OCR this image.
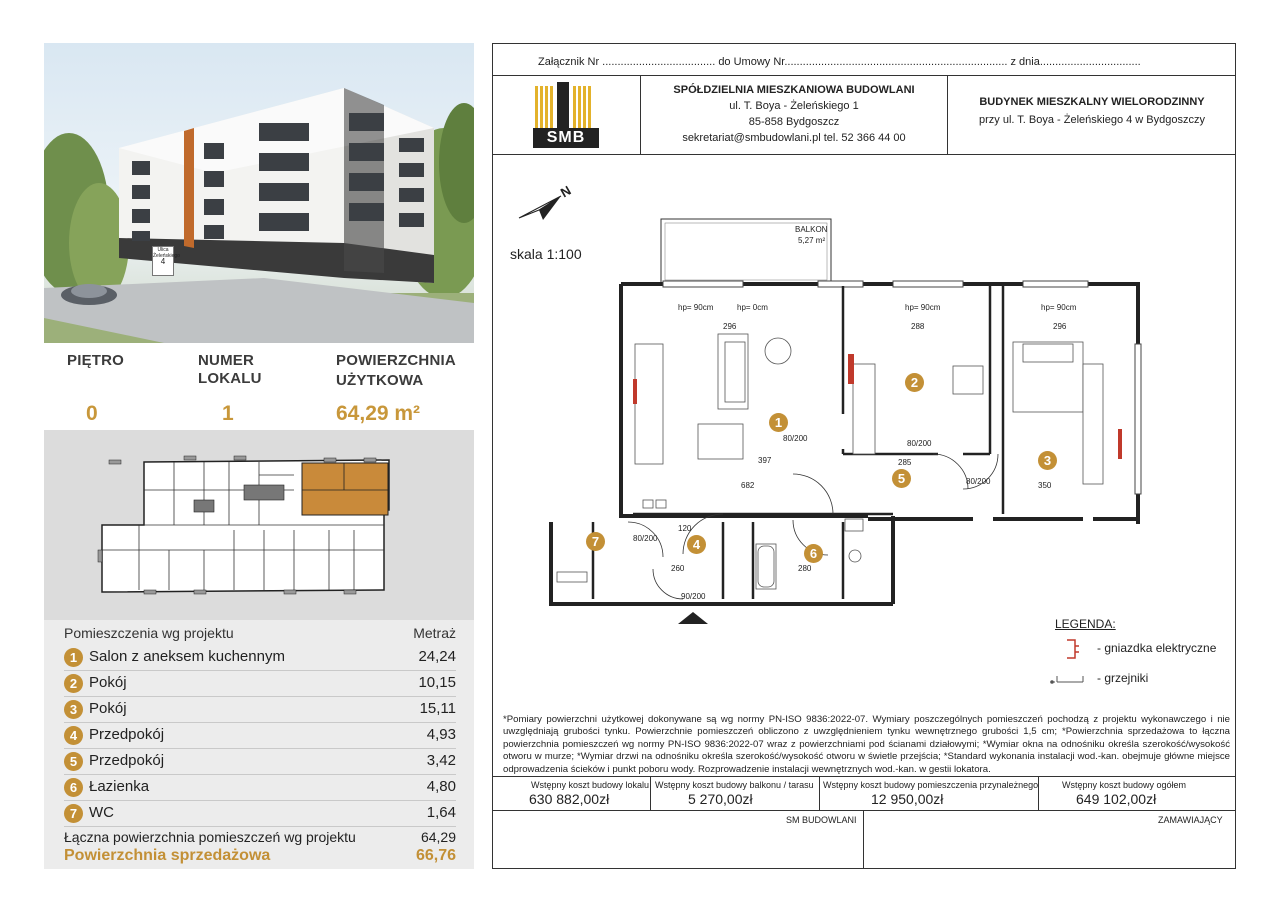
Ulica
Żeleńskiego
4
PIĘTRO	NUMER
LOKALU
POWIERZCHNIA
UŻYTKOWA
0	1	64,29 m²
Pomieszczenia wg projektu	Metraż
1 Salon z aneksem kuchennym	24,24
2 Pokój	10,15
3 Pokój	15,11
4 Przedpokój	4,93
5 Przedpokój	3,42
6 Łazienka	4,80
7 WC	1,64
Łączna powierzchnia pomieszczeń wg projektu	64,29
Powierzchnia sprzedażowa	66,76
Załącznik Nr ..................................... do Umowy Nr......................................................................... z dnia.................................
SMB
SPÓŁDZIELNIA MIESZKANIOWA BUDOWLANI
ul. T. Boya - Żeleńskiego 1
85-858 Bydgoszcz
sekretariat@smbudowlani.pl tel. 52 366 44 00
BUDYNEK MIESZKALNY WIELORODZINNY
przy ul. T. Boya - Żeleńskiego 4 w Bydgoszczy
N
skala 1:100
BALKON
5,27 m²
hp= 90cm	hp= 0cm	hp= 90cm	hp= 90cm
80/200
80/200
80/200
80/200
90/200
296
397
682
288	296
350
285
260	280
120
1
2
3
4
5
6
7
LEGENDA:
- gniazdka elektryczne
- grzejniki
*Pomiary powierzchni użytkowej dokonywane są wg normy PN-ISO 9836:2022-07. Wymiary poszczególnych pomieszczeń pochodzą z projektu wykonawczego i nie uwzględniają grubości tynku. Powierzchnie pomieszczeń obliczono z uwzględnieniem tynku wewnętrznego grubości 1,5 cm; *Powierzchnia sprzedażowa to łączna powierzchnia pomieszczeń wg normy PN-ISO 9836:2022-07 wraz z powierzchniami pod ścianami działowymi; *Wymiar okna na odnośniku określa szerokość/wysokość otworu w murze; *Wymiar drzwi na odnośniku określa szerokość/wysokość otworu w świetle przejścia; *Standard wykonania instalacji wod.-kan. obejmuje główne miejsce odprowadzenia ścieków i punkt poboru wody. Rozprowadzenie instalacji wewnętrznych wod.-kan. w gestii lokatora.
Wstępny koszt budowy lokalu
630 882,00zł
Wstępny koszt budowy balkonu / tarasu
5 270,00zł
Wstępny koszt budowy pomieszczenia przynależnego
12 950,00zł
Wstępny koszt budowy ogółem
649 102,00zł
SM BUDOWLANI	ZAMAWIAJĄCY
